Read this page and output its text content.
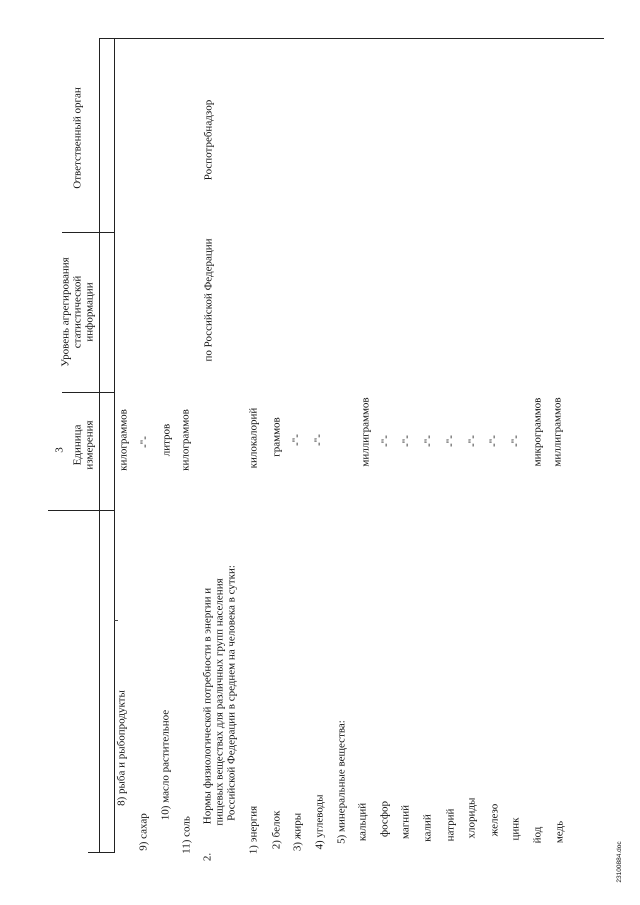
3 Единица измерения
Уровень агрегирования статистической информации
Ответственный орган
8) рыба и рыбопродукты
килограммов
9) сахар
-"-
10) масло растительное
литров
11) соль
килограммов
2.
Нормы физиологической потребности в энергии и пищевых веществах для различных групп населения Российской Федерации в среднем на человека в сутки:
по Российской Федерации
Роспотребнадзор
1) энергия
килокалорий
2) белок
граммов
3) жиры
-"-
4) углеводы
-"-
5) минеральные вещества: кальций
миллиграммов
фосфор
-"-
магний
-"-
калий
-"-
натрий
-"-
хлориды
-"-
железо
-"-
цинк
-"-
йод
микрограммов
медь
миллиграммов
23100884.doc
